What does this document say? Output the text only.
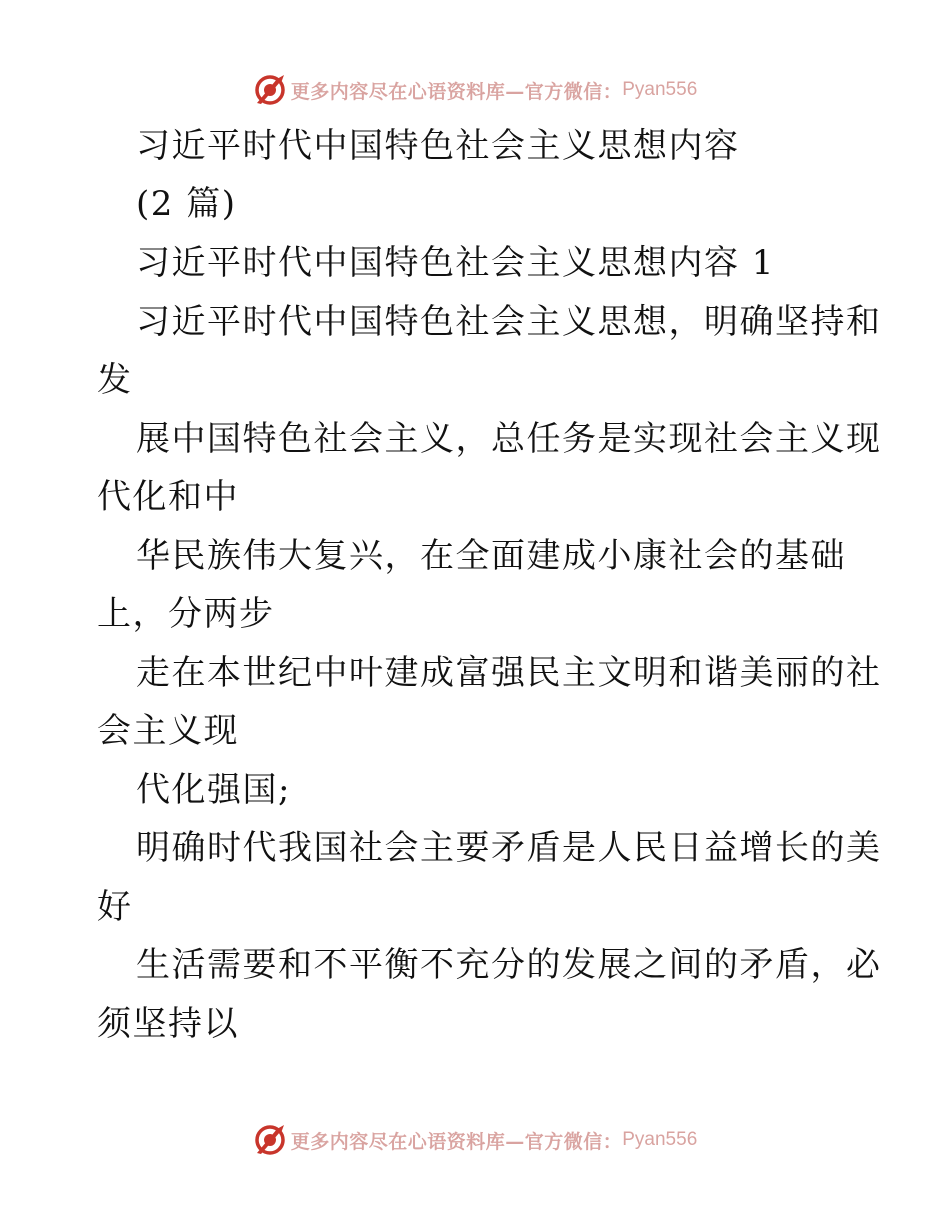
更多内容尽在心语资料库—官方微信： Pyan556
习近平时代中国特色社会主义思想内容
(2 篇)
习近平时代中国特色社会主义思想内容 1
习近平时代中国特色社会主义思想，明确坚持和
发
展中国特色社会主义，总任务是实现社会主义现
代化和中
华民族伟大复兴，在全面建成小康社会的基础
上，分两步
走在本世纪中叶建成富强民主文明和谐美丽的社
会主义现
代化强国;
明确时代我国社会主要矛盾是人民日益增长的美
好
生活需要和不平衡不充分的发展之间的矛盾，必
须坚持以
更多内容尽在心语资料库—官方微信： Pyan556
